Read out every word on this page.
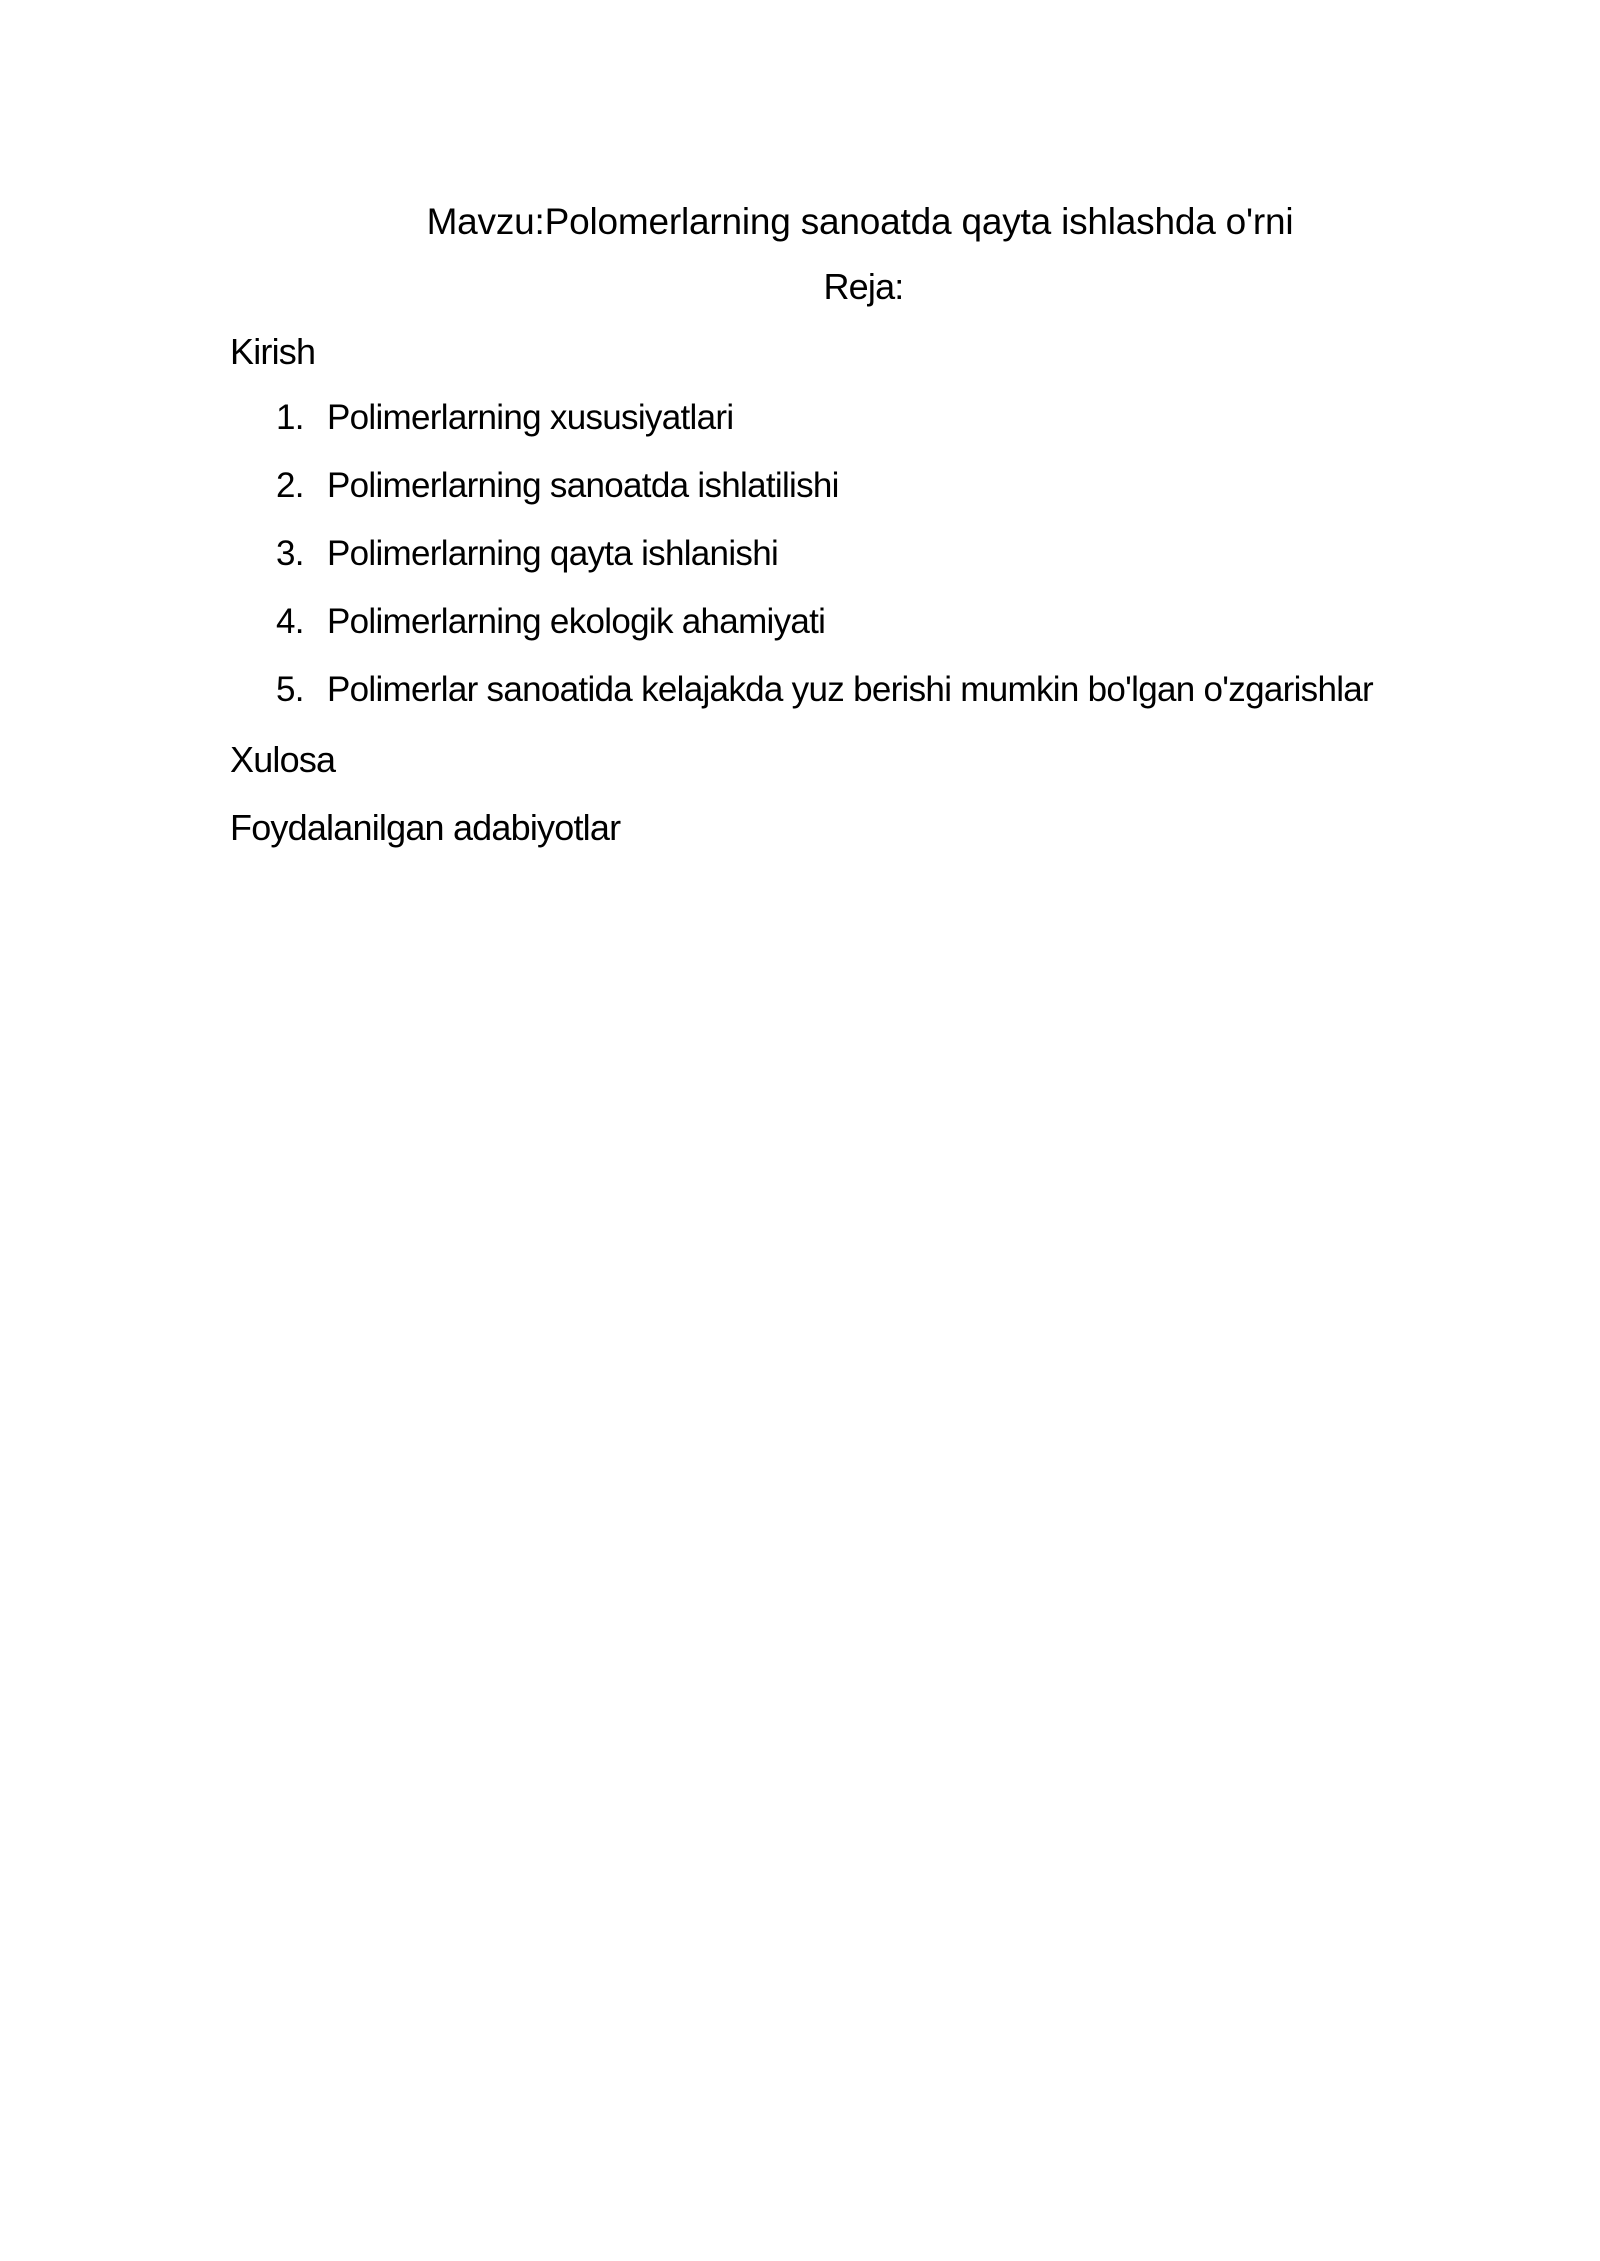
Mavzu:Polomerlarning sanoatda qayta ishlashda o'rni
Reja:
Kirish
1. Polimerlarning xususiyatlari
2. Polimerlarning sanoatda ishlatilishi
3. Polimerlarning qayta ishlanishi
4. Polimerlarning ekologik ahamiyati
5. Polimerlar sanoatida kelajakda yuz berishi mumkin bo'lgan o'zgarishlar
Xulosa
Foydalanilgan adabiyotlar
